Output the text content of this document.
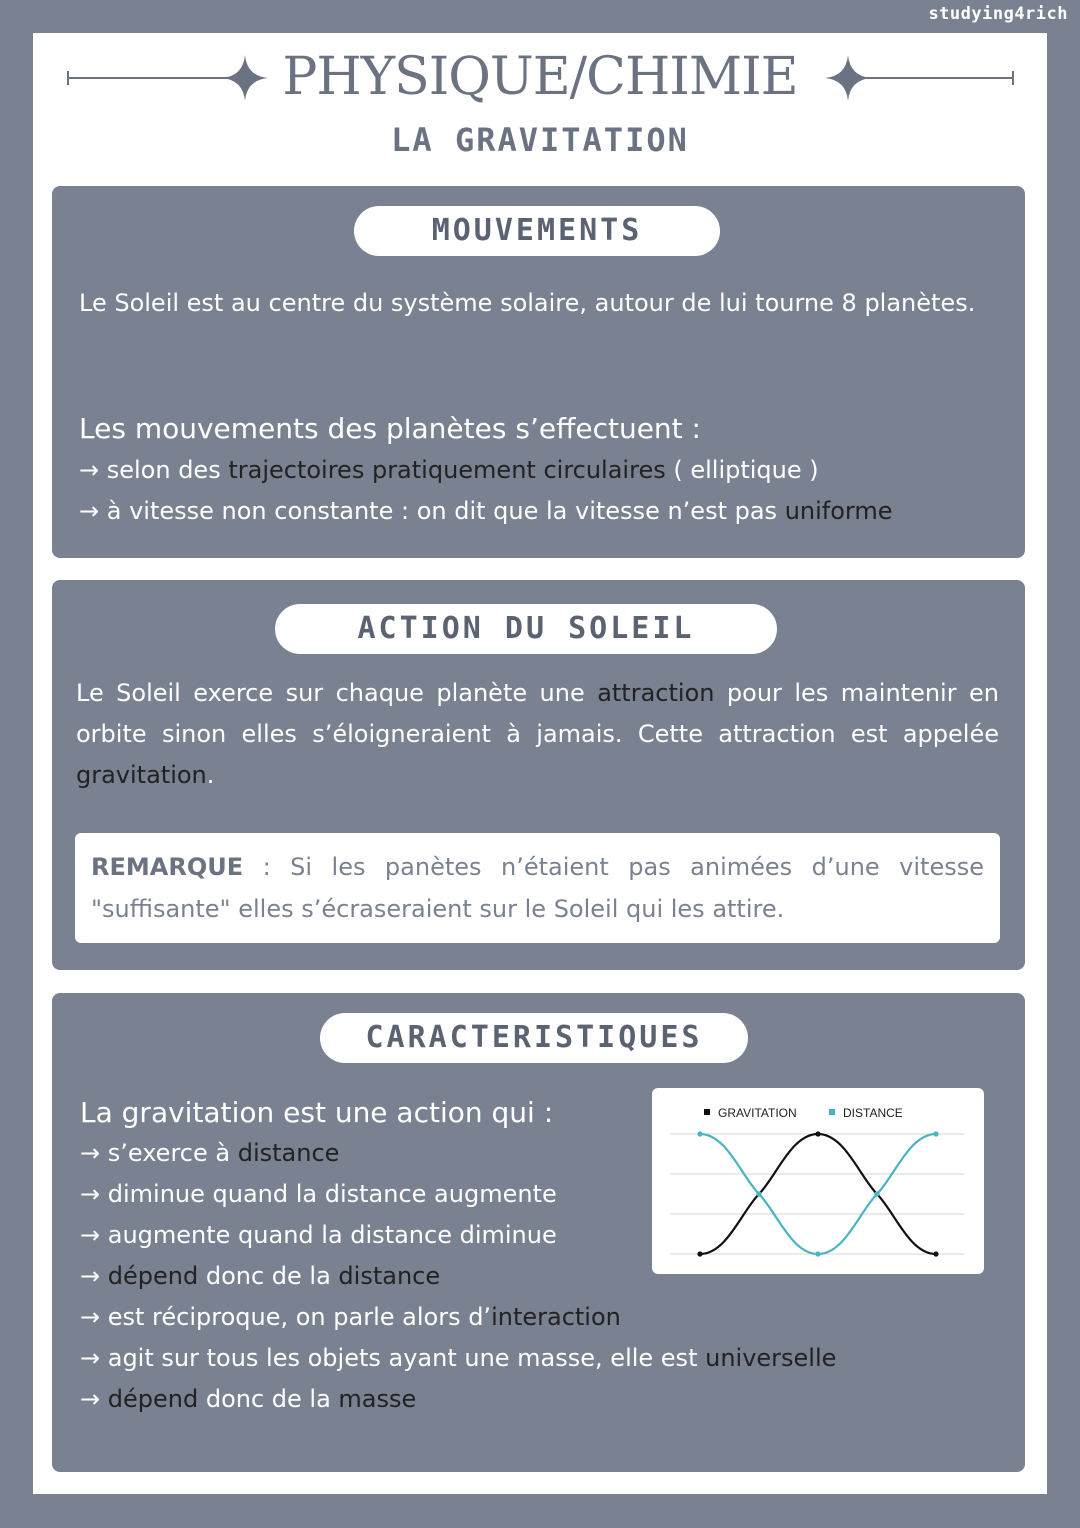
studying4rich
PHYSIQUE/CHIMIE
LA GRAVITATION
MOUVEMENTS
Le Soleil est au centre du système solaire, autour de lui tourne 8 planètes.
Les mouvements des planètes s’effectuent :
→ selon des trajectoires pratiquement circulaires ( elliptique )
→ à vitesse non constante : on dit que la vitesse n’est pas uniforme
ACTION DU SOLEIL
Le Soleil exerce sur chaque planète une attraction pour les maintenir en orbite sinon elles s’éloigneraient à jamais. Cette attraction est appelée gravitation.
REMARQUE : Si les panètes n’étaient pas animées d’une vitesse "suffisante" elles s’écraseraient sur le Soleil qui les attire.
CARACTERISTIQUES
La gravitation est une action qui :
→ s’exerce à distance
→ diminue quand la distance augmente
→ augmente quand la distance diminue
→ dépend donc de la distance
→ est réciproque, on parle alors d’interaction
→ agit sur tous les objets ayant une masse, elle est universelle
→ dépend donc de la masse
GRAVITATION	DISTANCE
